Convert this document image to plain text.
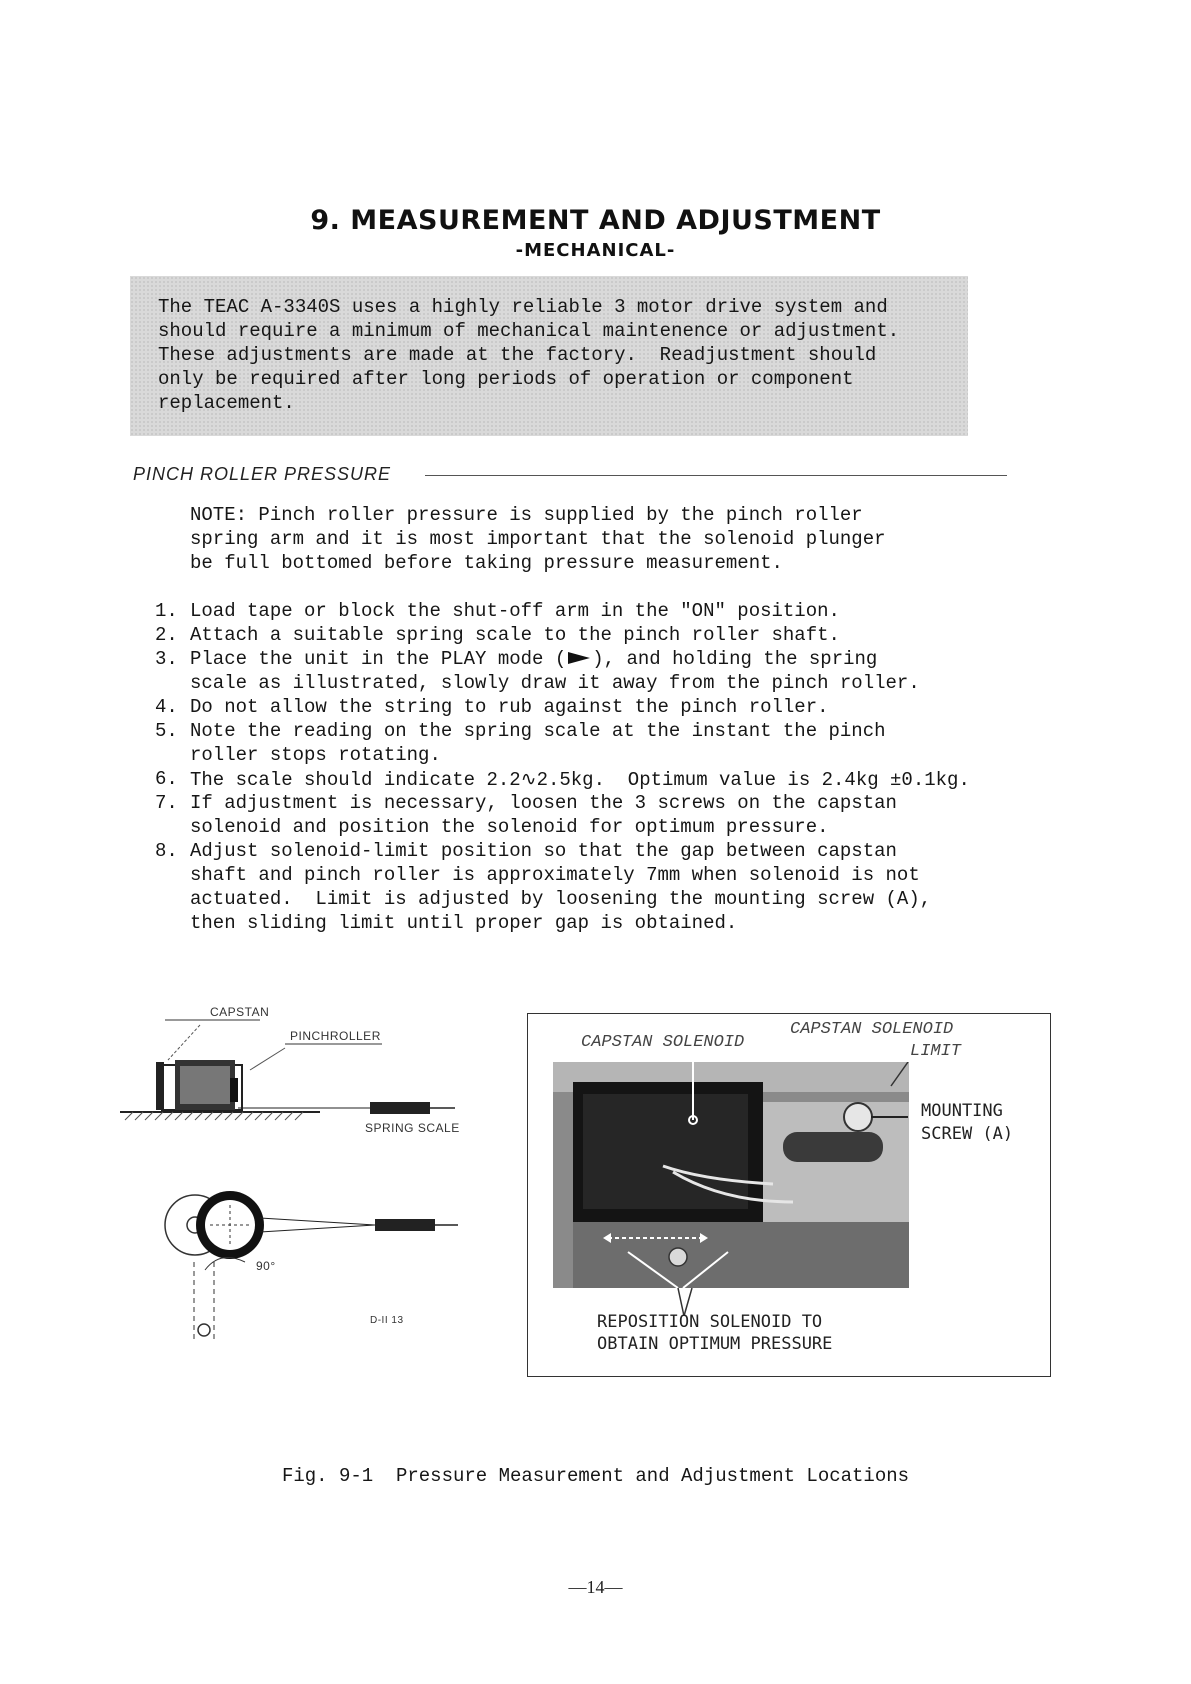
9. MEASUREMENT AND ADJUSTMENT
-MECHANICAL-
The TEAC A-3340S uses a highly reliable 3 motor drive system and
should require a minimum of mechanical maintenence or adjustment.
These adjustments are made at the factory.  Readjustment should
only be required after long periods of operation or component
replacement.
PINCH ROLLER PRESSURE
NOTE: Pinch roller pressure is supplied by the pinch roller
spring arm and it is most important that the solenoid plunger
be full bottomed before taking pressure measurement.
1. Load tape or block the shut-off arm in the "ON" position.
2. Attach a suitable spring scale to the pinch roller shaft.
3. Place the unit in the PLAY mode ( ), and holding the spring
scale as illustrated, slowly draw it away from the pinch roller.
4. Do not allow the string to rub against the pinch roller.
5. Note the reading on the spring scale at the instant the pinch
roller stops rotating.
6. The scale should indicate 2.2∿2.5kg.  Optimum value is 2.4kg ±0.1kg.
7. If adjustment is necessary, loosen the 3 screws on the capstan
solenoid and position the solenoid for optimum pressure.
8. Adjust solenoid-limit position so that the gap between capstan
shaft and pinch roller is approximately 7mm when solenoid is not
actuated.  Limit is adjusted by loosening the mounting screw (A),
then sliding limit until proper gap is obtained.
CAPSTAN
PINCHROLLER
SPRING SCALE
90°
D-II 13
CAPSTAN SOLENOID
CAPSTAN SOLENOID
LIMIT
MOUNTING
SCREW (A)
REPOSITION SOLENOID TO
OBTAIN OPTIMUM PRESSURE
Fig. 9-1  Pressure Measurement and Adjustment Locations
—14—
